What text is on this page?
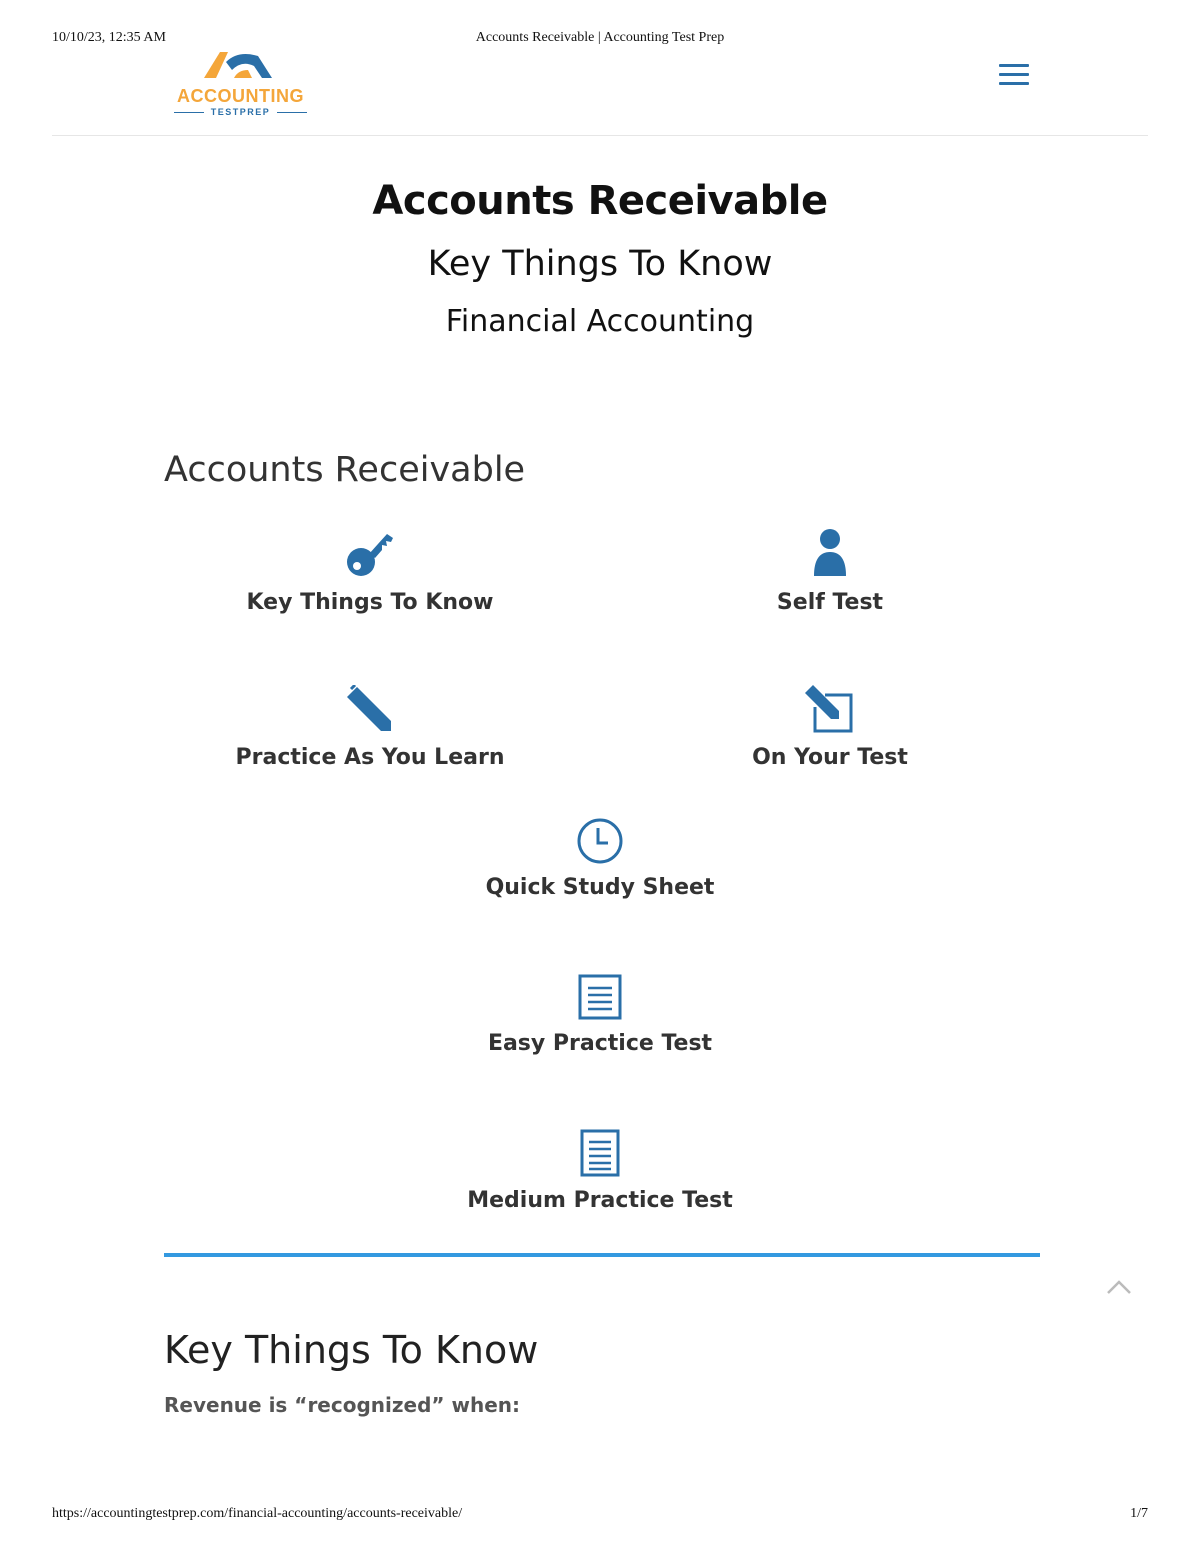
10/10/23, 12:35 AM	Accounts Receivable | Accounting Test Prep
ACCOUNTING
TESTPREP
Accounts Receivable
Key Things To Know
Financial Accounting
Accounts Receivable
Key Things To Know	Self Test
Practice As You Learn	On Your Test
Quick Study Sheet
Easy Practice Test
Medium Practice Test
Key Things To Know
Revenue is “recognized” when:
https://accountingtestprep.com/financial-accounting/accounts-receivable/	1/7
